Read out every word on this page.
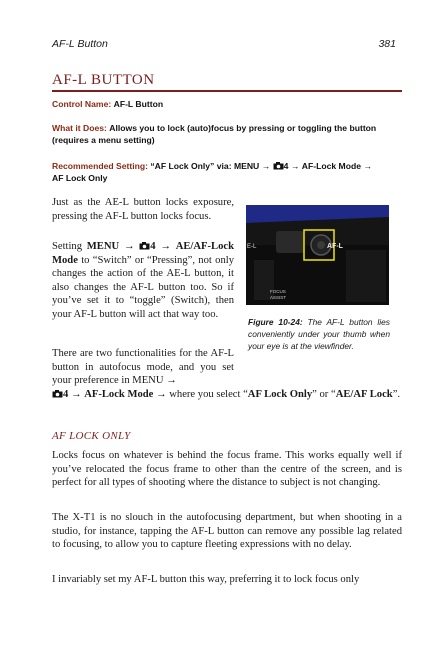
AF-L Button	381
AF-L BUTTON
Control Name: AF-L Button
What it Does: Allows you to lock (auto)focus by pressing or toggling the button (requires a menu setting)
Recommended Setting: “AF Lock Only” via: MENU → 4 → AF-Lock Mode →
AF Lock Only
Just as the AE-L button locks exposure, pressing the AF-L button locks focus.
Setting MENU → 4 → AE/AF-Lock Mode to “Switch” or “Pressing”, not only changes the action of the AE-L button, it also changes the AF-L button too. So if you’ve set it to “toggle” (Switch), then your AF-L button will act that way too.
There are two functionalities for the AF-L button in autofocus mode, and you set your preference in MENU →
4 → AF-Lock Mode → where you select “AF Lock Only” or “AE/AF Lock”.
AF-L
E-L
FOCUS
ASSIST
Figure 10-24: The AF-L button lies conveniently under your thumb when your eye is at the viewfinder.
AF LOCK ONLY
Locks focus on whatever is behind the focus frame. This works equally well if you’ve relocated the focus frame to other than the centre of the screen, and is perfect for all types of shooting where the distance to subject is not changing.
The X-T1 is no slouch in the autofocusing department, but when shooting in a studio, for instance, tapping the AF-L button can remove any possible lag related to focusing, to allow you to capture fleeting expressions with no delay.
I invariably set my AF-L button this way, preferring it to lock focus only
